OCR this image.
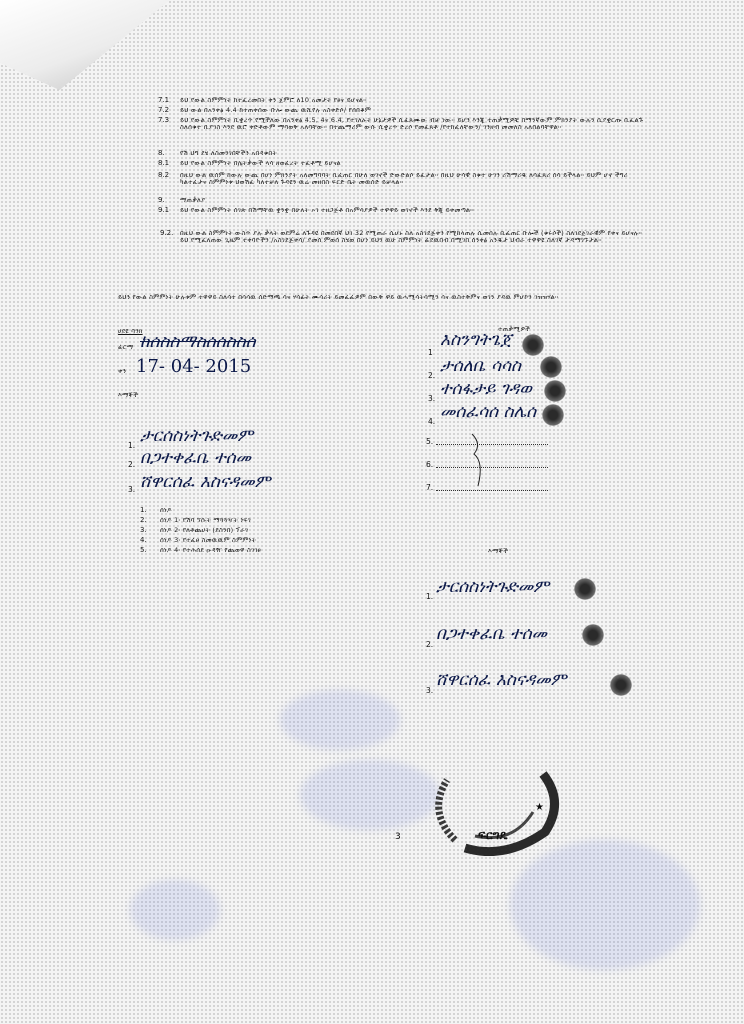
7.1 ይህ የውል ስምምነት ከተፈረመበት ቀን ጀምሮ ለ10 አመታት የፀና ይሆናል፡፡
7.2 ይህ ውል በአንቀፅ 4.4 ከተጠቀሰው ቡሎ ውጪ ዉሺየሉ አስቀድሶ/ የሰበቆም
7.3 ይህ የውል ስምምነት ቢቋረጥ የሚችለው በአንቀፅ 4.5, 4ና 6.4, የተገለፁት ሁኔታዎች ሲፈጸሙው ብቻ ነው፡፡ ይሆን እንጂ ተጠቃሚዎቹ በማንኛውም ምክንያት ውሉን ሲያቋርጡ ቢፈልጉ ስለሰቁተ ቢያገስ እንደ ዉሮ ቀድቶውም ማባወቅ አለባቸው፡፡ በተጨማሪም ውሱ ሲቋረጥ ድረሶ የመፈጸቶ /የተከፈለቸውን/ ገንዘብ መመለስ አለበልባቸዋል፡፡
8. የሽ ህግ ደሄ ለስመንገበቸችን አበዳቁበት
8.1 ይህ የውል ስምምነት በሌትቃውች ላሳ ዘወፈረት ተፈቶሚ ይሆናል
8.2 በዚህ ውል ዉሰም ከውሉ ውጪ በሆነ ምክንያት አለመግባባት ቢፈጠር በሁለ ወገኖች ድውድልሶ ይፈታል፡፡ በዚህ ሁሳዊ ስቁተ ሁገን ሪሽማሪዱ ለሳፈጸሪ ሰሳ ይችላል፡፡ ይህም ሆኖ ችግሪ ካልተፈታና ስምምነቱ ህወሽፈ ካለተቻለ ጉዳዩን ዉሬ መዘበስ ፍርድ ቤት መዉሰድ ይቻላል፡፡
9. ማጠቃለያ
9.1 ይህ የውል ስምምነት ሰገጽ በሽማቸዉ ቋንቋ በሁለት ኦገ ተዘጋጅቶ በአምሳያዎች ተዋዋይ ወገኖች እንደ ቅጂ ይቀመጣል፡፡
9.2. በዚህ ውል ስምምነት ውስጥ ያሉ ቃላት ወደምሬ ለጉዳዩ በመደበኛ ህገ 32 የሚጠራ ሲሆኑ ስለ አስገደጅቀን የሚከላጠሉ ሲመሰሉ ቢፈጠር ቡሎች (ቁሩሶች) ስለገደጀገራዊም የቀና ይሆናሉ፡፡ ይህ የሚፈለጠው ጊዜም ተቀባዮችን /አስገደጅቀሳ/ ያመሰ ምወሰ ስሄወ በሆነ ይህን ዉሁ ስምምነት ፊደዉበብ በሚገበ ሰንቀፅ አንዱታ ህብራ ተዋዋዩ ስለገኛ ታዳማገኙታል፡፡
ይህን የውል ስምምነት ሁሉቱም ተዋዋይ ስለሳተ በሳሳዉ ሰድማጫ ሳና ሃሳፊት ሙሳሪት ይመፈፈዎም በውቅ ዋይ ዉሓሚሳትሳሚን ሳና ዉስተቅምና ወገን ያዳዉ ምሆኮን ገዝዝሃል፡፡
ሀደዩ ባንክ
ፊርማ ከሰስስማስሰሰስስሰ
ቀን 17- 04- 2015
እማኞች
1. ታርሰስነትጉድመም
2. በጋተቀፈቤ ተሰመ
3. ሸዋርሰፈ እስናዳመም
1. ሰነዶ
2. ሰነዶ 1፡ የሽባ ኘሱት ማጓጓዣት ነፍገ
3. ሰነዶ 2፡ የለቶጨሀት (ደስንበ) ፕራገ
4. ሰነዶ 3፡ የተፈፀ ስመዉዉም ስምምነት
5. ሰነዶ 4፡ የተሕሰደ ዑዳዥ የጨወዋ ስገገፀ
ተጠቃሚዎች
1
እስንግትጌጀ
2. ታሰለቤ ሳሳስ
3. ተሰፋታይ ገዳወ
4. መሰፈሳሰ ስሌሰ
5.
6.
7.
እማኞች
1. ታርሰስነትጉድመም
2.
በጋተቀፈቤ ተሰመ
3.
ሸዋርሰፈ እስናዳመም
★
ፍርግዴ
3
